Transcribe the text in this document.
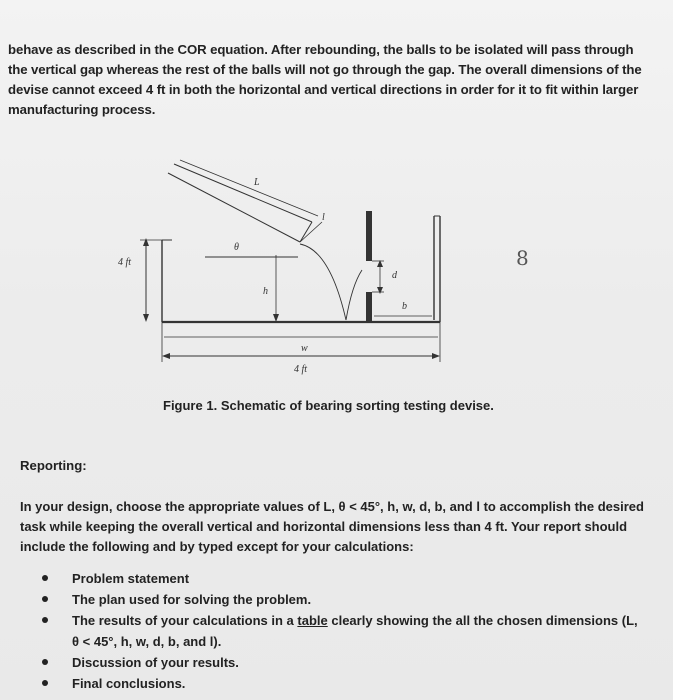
behave as described in the COR equation. After rebounding, the balls to be isolated will pass through
the vertical gap whereas the rest of the balls will not go through the gap. The overall dimensions of the
devise cannot exceed 4 ft in both the horizontal and vertical directions in order for it to fit within larger
manufacturing process.
L
l
θ
4 ft
h
d
b
w
4 ft
8
Figure 1. Schematic of bearing sorting testing devise.
Reporting:
In your design, choose the appropriate values of L, θ < 45°, h, w, d, b, and l to accomplish the desired
task while keeping the overall vertical and horizontal dimensions less than 4 ft. Your report should
include the following and by typed except for your calculations:
Problem statement
The plan used for solving the problem.
The results of your calculations in a table clearly showing the all the chosen dimensions (L,
θ < 45°, h, w, d, b, and l).
Discussion of your results.
Final conclusions.
